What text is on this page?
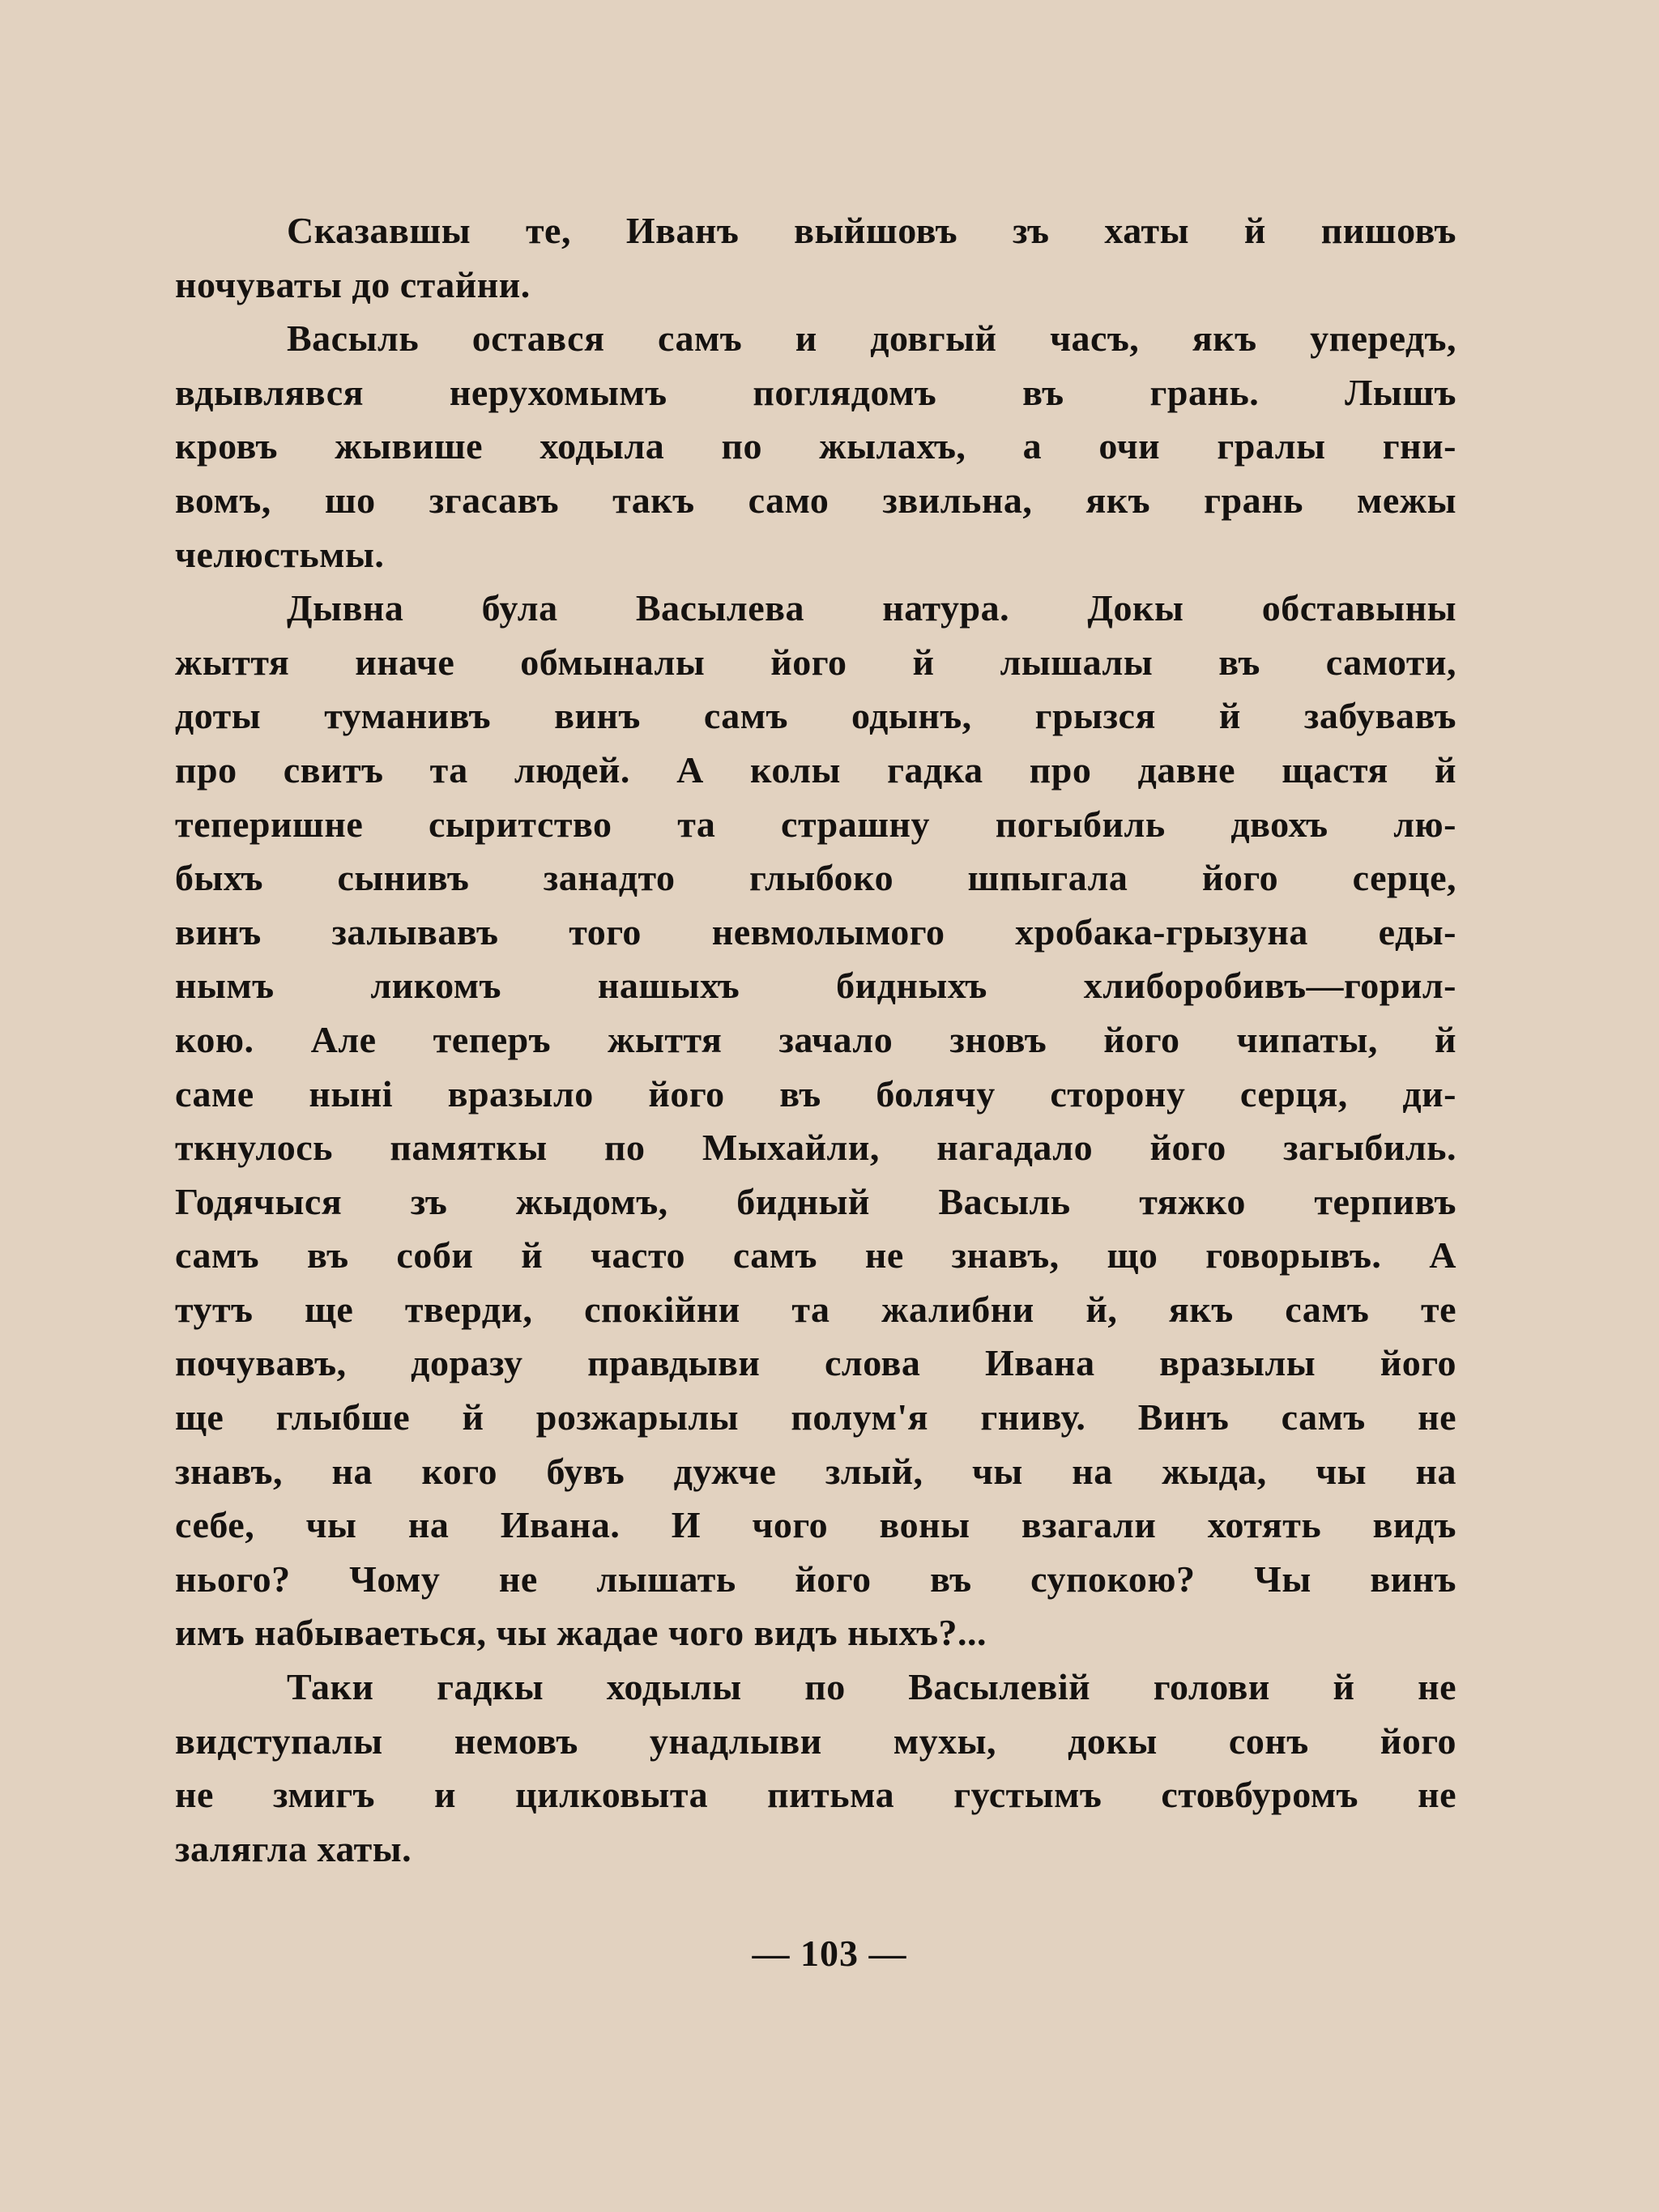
Сказавшы те, Иванъ выйшовъ зъ хаты й пишовъ
ночуваты до стайни.
Васыль остався самъ и довгый часъ, якъ упередъ,
вдывлявся нерухомымъ поглядомъ въ грань. Лышъ
кровъ жывише ходыла по жылахъ, а очи гралы гни-
вомъ, шо згасавъ такъ само звильна, якъ грань межы
челюстьмы.
Дывна була Васылева натура. Докы обставыны
жыття иначе обмыналы його й лышалы въ самоти,
доты туманивъ винъ самъ одынъ, грызся й забувавъ
про свитъ та людей. А колы гадка про давне щастя й
теперишне сыритство та страшну погыбиль двохъ лю-
быхъ сынивъ занадто глыбоко шпыгала його серце,
винъ залывавъ того невмолымого хробака-грызуна еды-
нымъ ликомъ нашыхъ бидныхъ хлиборобивъ—горил-
кою. Але теперъ жыття зачало зновъ його чипаты, й
саме нынi вразыло його въ болячу сторону серця, ди-
ткнулось памяткы по Мыхайли, нагадало його загыбиль.
Годячыся зъ жыдомъ, бидный Васыль тяжко терпивъ
самъ въ соби й часто самъ не знавъ, що говорывъ. А
тутъ ще тверди, спокiйни та жалибни й, якъ самъ те
почувавъ, доразу правдыви слова Ивана вразылы його
ще глыбше й розжарылы полум'я гниву. Винъ самъ не
знавъ, на кого бувъ дужче злый, чы на жыда, чы на
себе, чы на Ивана. И чого воны взагали хотять видъ
нього? Чому не лышать його въ супокою? Чы винъ
имъ набываеться, чы жадае чого видъ ныхъ?...
Таки гадкы ходылы по Васылевiй голови й не
видступалы немовъ унадлыви мухы, докы сонъ його
не змигъ и цилковыта питьма густымъ стовбуромъ не
залягла хаты.
— 103 —
